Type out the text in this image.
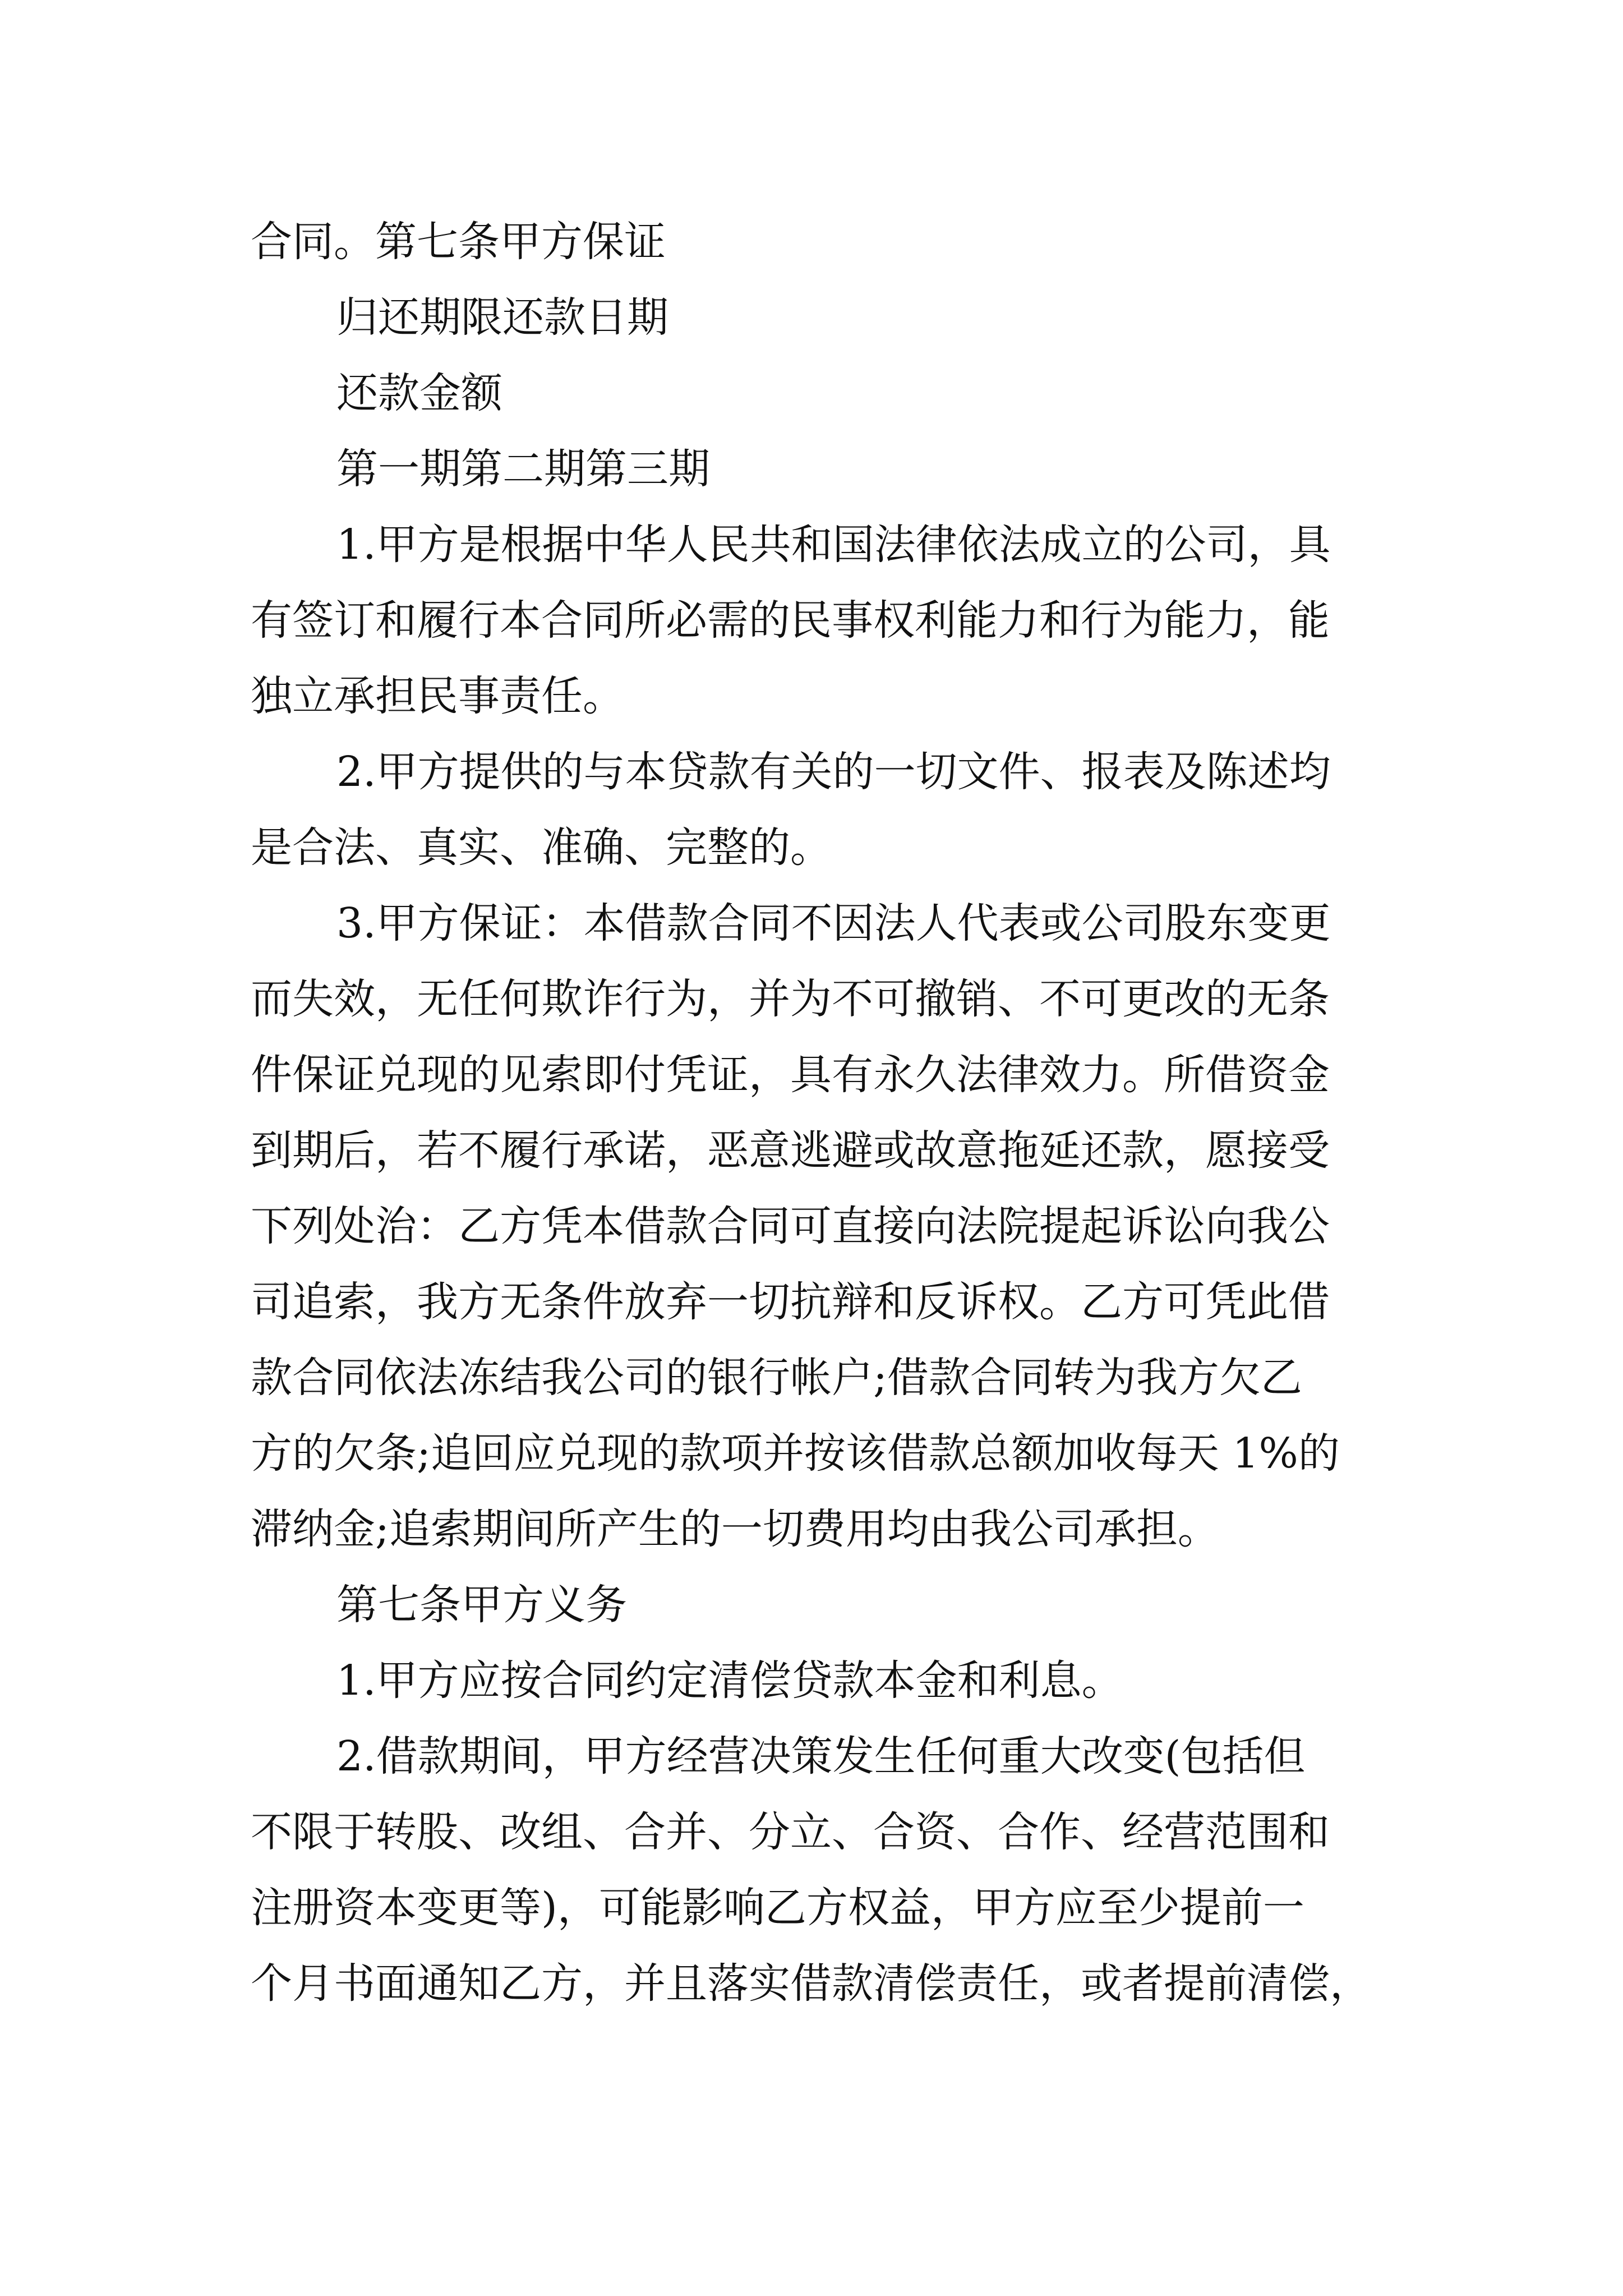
合同。第七条甲方保证

归还期限还款日期

还款金额

第一期第二期第三期

1.甲方是根据中华人民共和国法律依法成立的公司，具

有签订和履行本合同所必需的民事权利能力和行为能力，能

独立承担民事责任。

2.甲方提供的与本贷款有关的一切文件、报表及陈述均

是合法、真实、准确、完整的。

3.甲方保证：本借款合同不因法人代表或公司股东变更

而失效，无任何欺诈行为，并为不可撤销、不可更改的无条

件保证兑现的见索即付凭证，具有永久法律效力。所借资金

到期后，若不履行承诺，恶意逃避或故意拖延还款，愿接受

下列处治：乙方凭本借款合同可直接向法院提起诉讼向我公

司追索，我方无条件放弃一切抗辩和反诉权。乙方可凭此借

款合同依法冻结我公司的银行帐户;借款合同转为我方欠乙

方的欠条;追回应兑现的款项并按该借款总额加收每天 1%的

滞纳金;追索期间所产生的一切费用均由我公司承担。

第七条甲方义务

1.甲方应按合同约定清偿贷款本金和利息。

2.借款期间，甲方经营决策发生任何重大改变(包括但

不限于转股、改组、合并、分立、合资、合作、经营范围和

注册资本变更等)，可能影响乙方权益，甲方应至少提前一

个月书面通知乙方，并且落实借款清偿责任，或者提前清偿，
